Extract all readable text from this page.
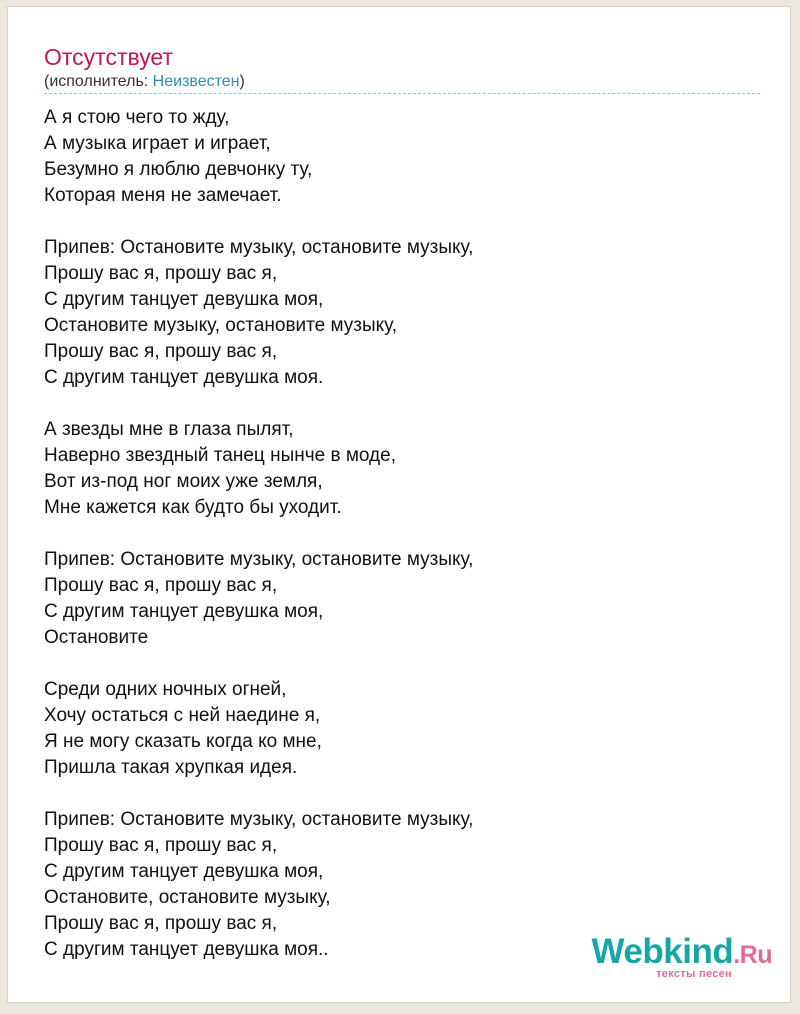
Отсутствует
(исполнитель: Неизвестен)
А я стою чего то жду,
А музыка играет и играет,
Безумно я люблю девчонку ту,
Которая меня не замечает.
Припев: Остановите музыку, остановите музыку,
Прошу вас я, прошу вас я,
С другим танцует девушка моя,
Остановите музыку, остановите музыку,
Прошу вас я, прошу вас я,
С другим танцует девушка моя.
А звезды мне в глаза пылят,
Наверно звездный танец нынче в моде,
Вот из-под ног моих уже земля,
Мне кажется как будто бы уходит.
Припев: Остановите музыку, остановите музыку,
Прошу вас я, прошу вас я,
С другим танцует девушка моя,
Остановите
Среди одних ночных огней,
Хочу остаться с ней наедине я,
Я не могу сказать когда ко мне,
Пришла такая хрупкая идея.
Припев: Остановите музыку, остановите музыку,
Прошу вас я, прошу вас я,
С другим танцует девушка моя,
Остановите, остановите музыку,
Прошу вас я, прошу вас я,
С другим танцует девушка моя..	Webkind.Ru
тексты песен
